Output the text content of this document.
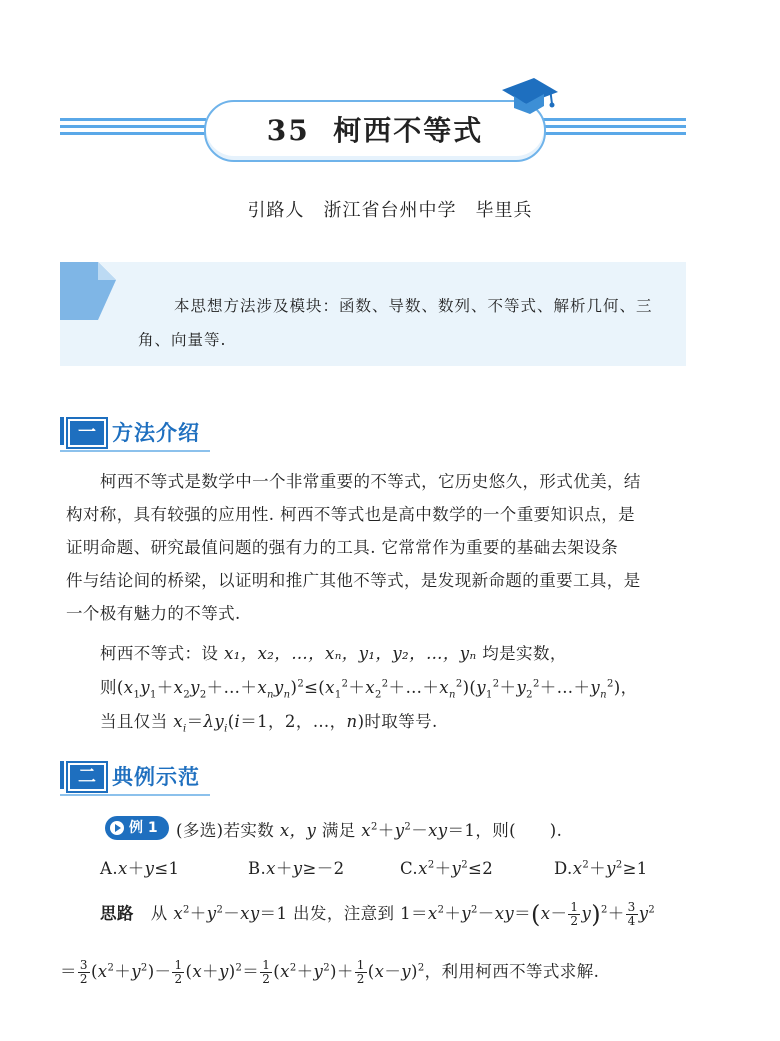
35 柯西不等式
引路人　浙江省台州中学　毕里兵
本思想方法涉及模块：函数、导数、数列、不等式、解析几何、三
角、向量等.
一 方法介绍
柯西不等式是数学中一个非常重要的不等式，它历史悠久，形式优美，结
构对称，具有较强的应用性. 柯西不等式也是高中数学的一个重要知识点，是
证明命题、研究最值问题的强有力的工具. 它常常作为重要的基础去架设条
件与结论间的桥梁，以证明和推广其他不等式，是发现新命题的重要工具，是
一个极有魅力的不等式.
柯西不等式：设 x₁，x₂，…，xₙ，y₁，y₂，…，yₙ 均是实数，
则$(x_1y_1+x_2y_2+\dots+x_ny_n)^2\le(x_1^2+x_2^2+\dots+x_n^2)(y_1^2+y_2^2+\dots+y_n^2)$，
当且仅当 $x_i=\lambda y_i(i=1$，2，…，n)时取等号.
二 典例示范
例 1 (多选)若实数 x，y 满足 $x^2+y^2-xy=1$，则(　　).
A.x＋y≤1	B.x＋y≥－2	$C.x^2+y^2\le 2$	$D.x^2+y^2\ge 1$
思路 从 $x^2+y^2-xy=1$ 出发，注意到 $1=x^2+y^2-xy=(x- \frac{1}{2} y)^2+ \frac{3}{4} y^2$
＝ $\frac{3}{2} (x^2+y^2)- \frac{1}{2} (x+y)^2= \frac{1}{2} (x^2+y^2)+ \frac{1}{2} (x-y)^2$，利用柯西不等式求解.
